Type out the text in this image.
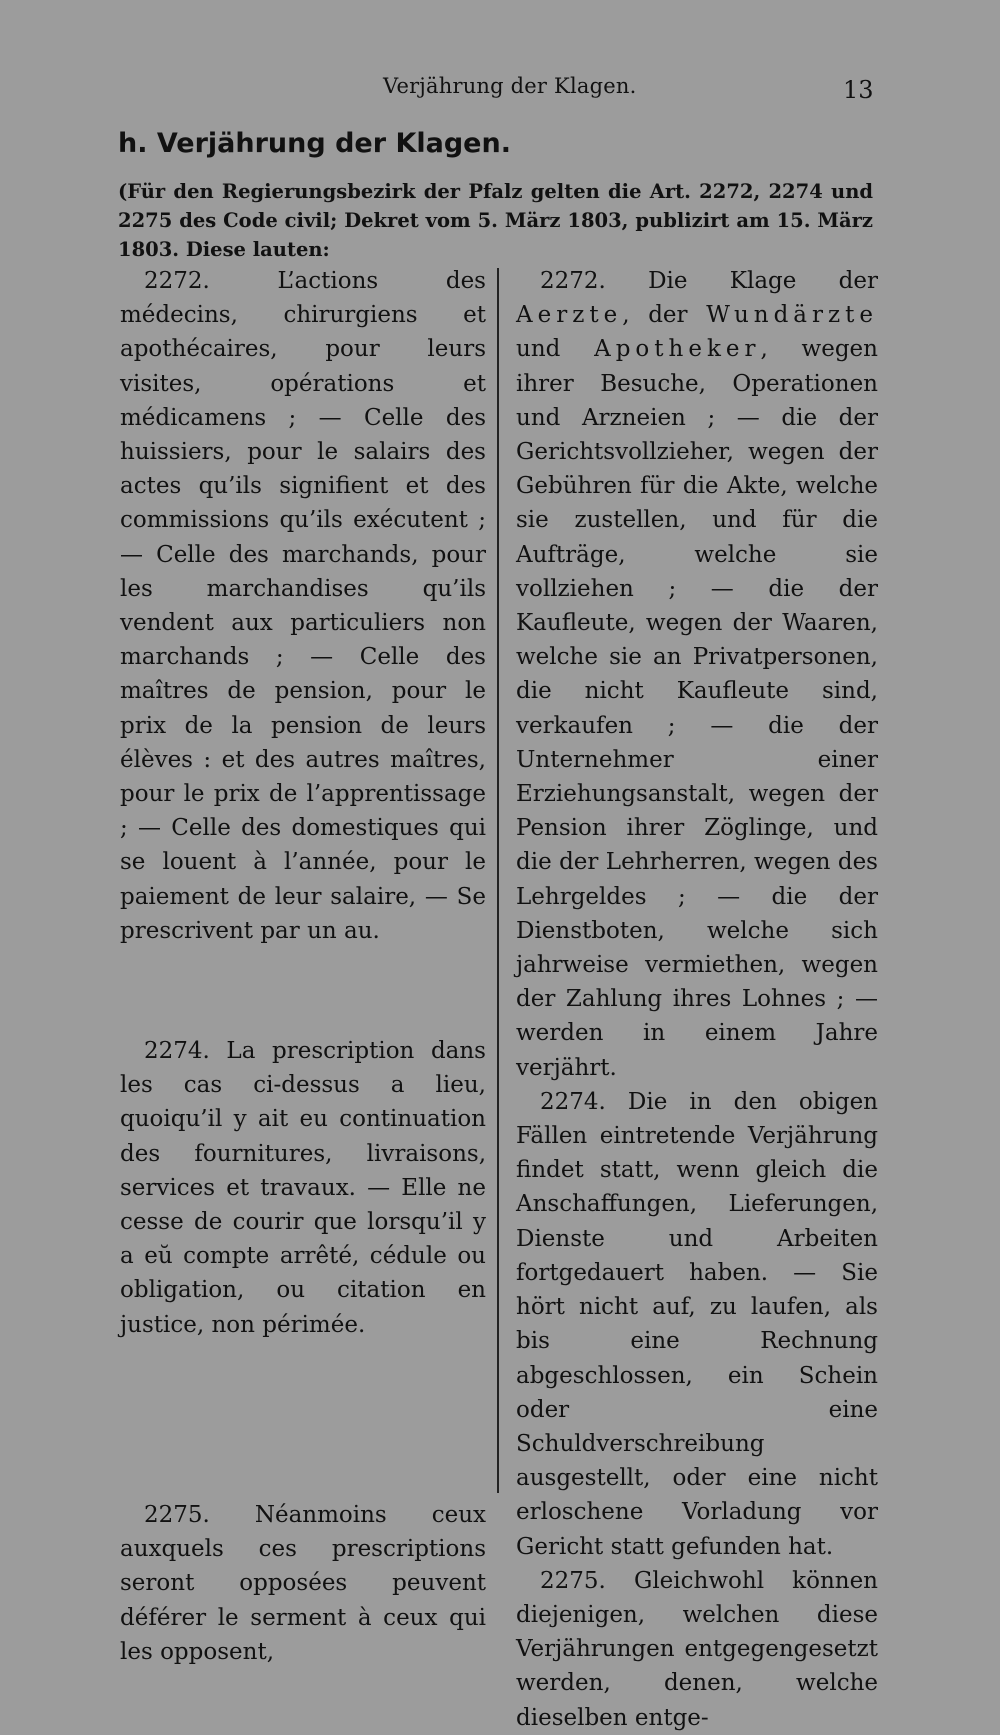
Verjährung der Klagen.	13
h. Verjährung der Klagen.
(Für den Regierungsbezirk der Pfalz gelten die Art. 2272, 2274 und 2275 des Code civil; Dekret vom 5. März 1803, publizirt am 15. März 1803. Diese lauten:

2272. L’actions des médecins, chirurgiens et apothécaires, pour leurs visites, opérations et médicamens ; — Celle des huissiers, pour le salairs des actes qu’ils signifient et des commissions qu’ils exécutent ; — Celle des marchands, pour les marchandises qu’ils vendent aux particuliers non marchands ; — Celle des maîtres de pension, pour le prix de la pension de leurs élèves : et des autres maîtres, pour le prix de l’apprentissage ; — Celle des domestiques qui se louent à l’année, pour le paiement de leur salaire, — Se prescrivent par un au.

2274. La prescription dans les cas ci-dessus a lieu, quoiqu’il y ait eu continuation des fournitures, livraisons, services et travaux. — Elle ne cesse de courir que lorsqu’il y a eŭ compte arrêté, cédule ou obligation, ou citation en justice, non périmée.

2275. Néanmoins ceux auxquels ces prescriptions seront opposées peuvent déférer le serment à ceux qui les opposent,

2272. Die Klage der Aerzte, der Wundärzte und Apotheker, wegen ihrer Besuche, Operationen und Arzneien ; — die der Gerichtsvollzieher, wegen der Gebühren für die Akte, welche sie zustellen, und für die Aufträge, welche sie vollziehen ; — die der Kaufleute, wegen der Waaren, welche sie an Privatpersonen, die nicht Kaufleute sind, verkaufen ; — die der Unternehmer einer Erziehungsanstalt, wegen der Pension ihrer Zöglinge, und die der Lehrherren, wegen des Lehrgeldes ; — die der Dienstboten, welche sich jahrweise vermiethen, wegen der Zahlung ihres Lohnes ; — werden in einem Jahre verjährt.

2274. Die in den obigen Fällen eintretende Verjährung findet statt, wenn gleich die Anschaffungen, Lieferungen, Dienste und Arbeiten fortgedauert haben. — Sie hört nicht auf, zu laufen, als bis eine Rechnung abgeschlossen, ein Schein oder eine Schuldverschreibung ausgestellt, oder eine nicht erloschene Vorladung vor Gericht statt gefunden hat.

2275. Gleichwohl können diejenigen, welchen diese Verjährungen entgegengesetzt werden, denen, welche dieselben entge-
